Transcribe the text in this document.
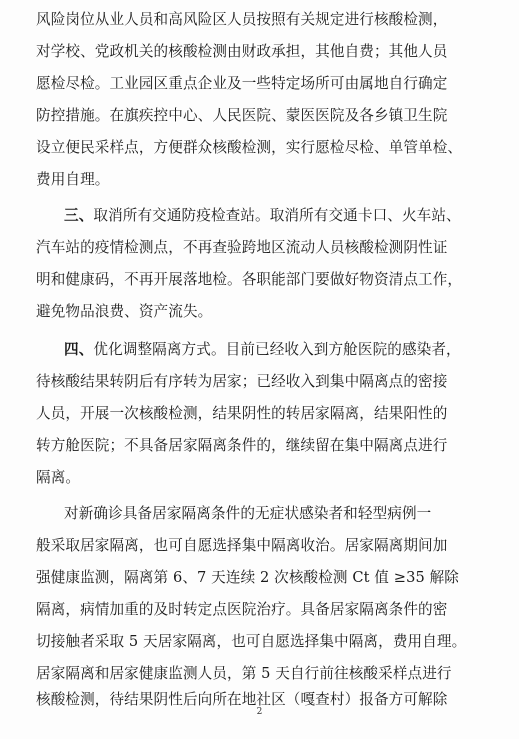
风险岗位从业人员和高风险区人员按照有关规定进行核酸检测，
对学校、党政机关的核酸检测由财政承担，其他自费；其他人员
愿检尽检。工业园区重点企业及一些特定场所可由属地自行确定
防控措施。在旗疾控中心、人民医院、蒙医医院及各乡镇卫生院
设立便民采样点，方便群众核酸检测，实行愿检尽检、单管单检、
费用自理。
三、取消所有交通防疫检查站。取消所有交通卡口、火车站、
汽车站的疫情检测点，不再查验跨地区流动人员核酸检测阴性证
明和健康码，不再开展落地检。各职能部门要做好物资清点工作，
避免物品浪费、资产流失。
四、优化调整隔离方式。目前已经收入到方舱医院的感染者，
待核酸结果转阴后有序转为居家；已经收入到集中隔离点的密接
人员，开展一次核酸检测，结果阴性的转居家隔离，结果阳性的
转方舱医院；不具备居家隔离条件的，继续留在集中隔离点进行
隔离。
对新确诊具备居家隔离条件的无症状感染者和轻型病例一
般采取居家隔离，也可自愿选择集中隔离收治。居家隔离期间加
强健康监测，隔离第 6、7 天连续 2 次核酸检测 Ct 值 ≥35 解除
隔离，病情加重的及时转定点医院治疗。具备居家隔离条件的密
切接触者采取 5 天居家隔离，也可自愿选择集中隔离，费用自理。
居家隔离和居家健康监测人员，第 5 天自行前往核酸采样点进行
核酸检测，待结果阴性后向所在地社区（嘎查村）报备方可解除
2
